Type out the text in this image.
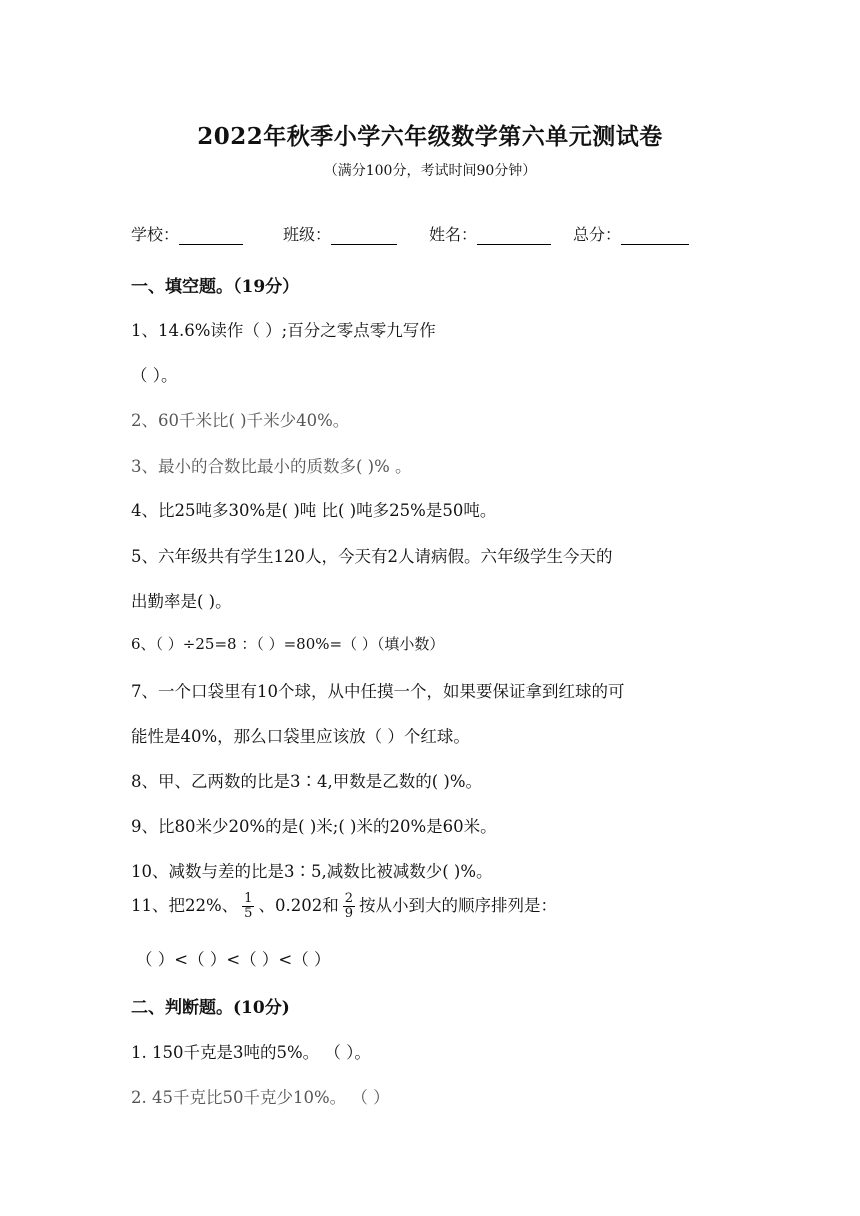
2022年秋季小学六年级数学第六单元测试卷
（满分100分，考试时间90分钟）
学校：	班级：	姓名：	总分：
一、填空题。（19分）
1、14.6%读作（ ）;百分之零点零九写作
（ ）。
2、60千米比( )千米少40%。
3、最小的合数比最小的质数多( )% 。
4、比25吨多30%是( )吨 比( )吨多25%是50吨。
5、六年级共有学生120人，今天有2人请病假。六年级学生今天的
出勤率是( )。
6、（ ）÷25=8 ：（ ）=80%=（ ）（填小数）
7、一个口袋里有10个球，从中任摸一个，如果要保证拿到红球的可
能性是40%，那么口袋里应该放（ ）个红球。
8、甲、乙两数的比是3∶4,甲数是乙数的( )%。
9、比80米少20%的是( )米;( )米的20%是60米。
10、减数与差的比是3∶5,减数比被减数少( )%。
11、把22%、 $\frac{1}{5}$ 、0.202和 $\frac{2}{9}$ 按从小到大的顺序排列是：
（ ）<（ ）<（ ）<（ ）
二、判断题。(10分)
1. 150千克是3吨的5%。 （ ）。
2. 45千克比50千克少10%。 （ ）
